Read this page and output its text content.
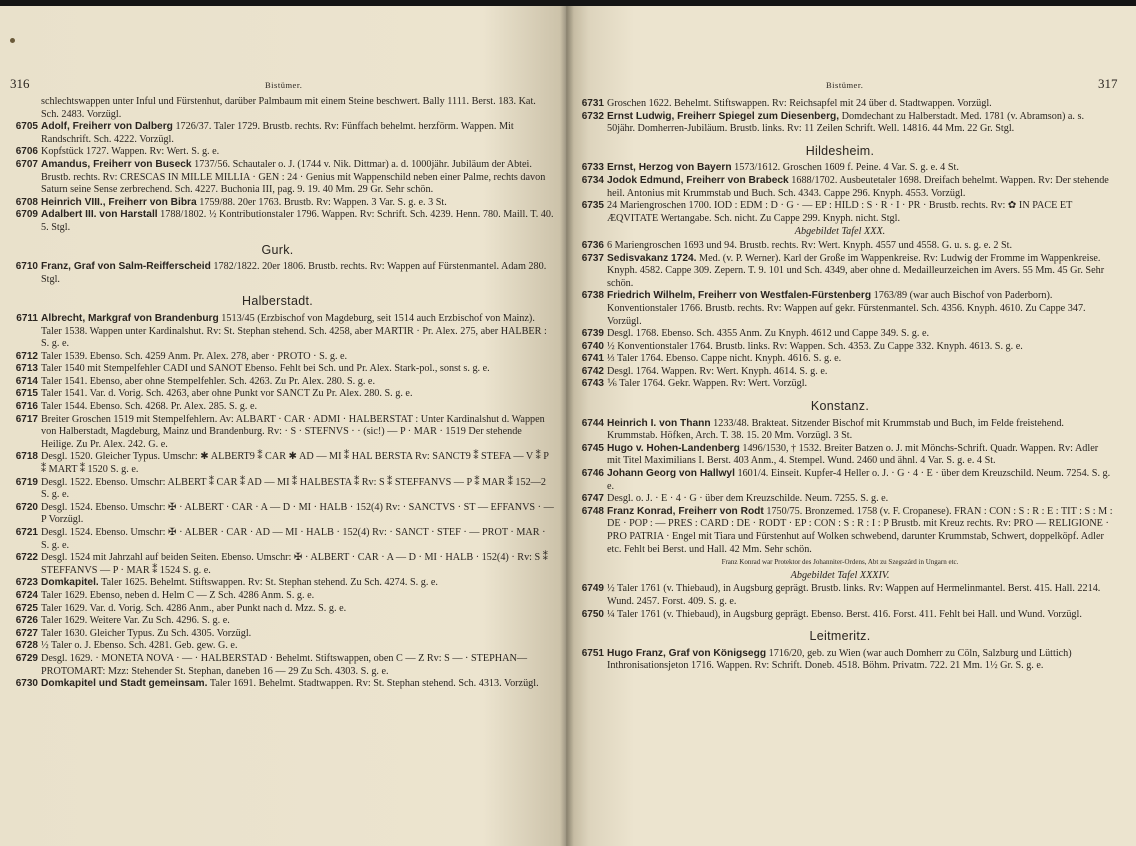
316	Bistümer.
schlechtswappen unter Inful und Fürstenhut, darüber Palmbaum mit einem Steine beschwert. Bally 1111. Berst. 183. Kat. Sch. 2483. Vorzügl.
6705 Adolf, Freiherr von Dalberg 1726/37. Taler 1729. Brustb. rechts. Rv: Fünffach behelmt. herzförm. Wappen. Mit Randschrift. Sch. 4222. Vorzügl.
6706 Kopfstück 1727. Wappen. Rv: Wert. S. g. e.
6707 Amandus, Freiherr von Buseck 1737/56. Schautaler o. J. (1744 v. Nik. Dittmar) a. d. 1000jähr. Jubiläum der Abtei. Brustb. rechts. Rv: CRESCAS IN MILLE MILLIA · GEN : 24 · Genius mit Wappenschild neben einer Palme, rechts davon Saturn seine Sense zerbrechend. Sch. 4227. Buchonia III, pag. 9. 19. 40 Mm. 29 Gr. Sehr schön.
6708 Heinrich VIII., Freiherr von Bibra 1759/88. 20er 1763. Brustb. Rv: Wappen. 3 Var. S. g. e. 3 St.
6709 Adalbert III. von Harstall 1788/1802. ½ Kontributionstaler 1796. Wappen. Rv: Schrift. Sch. 4239. Henn. 780. Maill. T. 40. 5. Stgl.
Gurk.
6710 Franz, Graf von Salm-Reifferscheid 1782/1822. 20er 1806. Brustb. rechts. Rv: Wappen auf Fürstenmantel. Adam 280. Stgl.
Halberstadt.
6711 Albrecht, Markgraf von Brandenburg 1513/45 (Erzbischof von Magdeburg, seit 1514 auch Erzbischof von Mainz). Taler 1538. Wappen unter Kardinalshut. Rv: St. Stephan stehend. Sch. 4258, aber MARTIR · Pr. Alex. 275, aber HALBER : S. g. e.
6712 Taler 1539. Ebenso. Sch. 4259 Anm. Pr. Alex. 278, aber · PROTO · S. g. e.
6713 Taler 1540 mit Stempelfehler CADI und SANOT Ebenso. Fehlt bei Sch. und Pr. Alex. Stark-pol., sonst s. g. e.
6714 Taler 1541. Ebenso, aber ohne Stempelfehler. Sch. 4263. Zu Pr. Alex. 280. S. g. e.
6715 Taler 1541. Var. d. Vorig. Sch. 4263, aber ohne Punkt vor SANCT Zu Pr. Alex. 280. S. g. e.
6716 Taler 1544. Ebenso. Sch. 4268. Pr. Alex. 285. S. g. e.
6717 Breiter Groschen 1519 mit Stempelfehlern. Av: ALBART · CAR · ADMI · HALBERSTAT : Unter Kardinalshut d. Wappen von Halberstadt, Magdeburg, Mainz und Brandenburg. Rv: · S · STEFNVS · · (sic!) — P · MAR · 1519 Der stehende Heilige. Zu Pr. Alex. 242. G. e.
6718 Desgl. 1520. Gleicher Typus. Umschr: ✱ ALBERT9 ⁑ CAR ✱ AD — MI ⁑ HAL BERSTA Rv: SANCT9 ⁑ STEFA — V ⁑ P ⁑ MART ⁑ 1520 S. g. e.
6719 Desgl. 1522. Ebenso. Umschr: ALBERT ⁑ CAR ⁑ AD — MI ⁑ HALBESTA ⁑ Rv: S ⁑ STEFFANVS — P ⁑ MAR ⁑ 152—2 S. g. e.
6720 Desgl. 1524. Ebenso. Umschr: ✠ · ALBERT · CAR · A — D · MI · HALB · 152(4) Rv: · SANCTVS · ST — EFFANVS · — P Vorzügl.
6721 Desgl. 1524. Ebenso. Umschr: ✠ · ALBER · CAR · AD — MI · HALB · 152(4) Rv: · SANCT · STEF · — PROT · MAR · S. g. e.
6722 Desgl. 1524 mit Jahrzahl auf beiden Seiten. Ebenso. Umschr: ✠ · ALBERT · CAR · A — D · MI · HALB · 152(4) · Rv: S ⁑ STEFFANVS — P · MAR ⁑ 1524 S. g. e.
6723 Domkapitel. Taler 1625. Behelmt. Stiftswappen. Rv: St. Stephan stehend. Zu Sch. 4274. S. g. e.
6724 Taler 1629. Ebenso, neben d. Helm C — Z Sch. 4286 Anm. S. g. e.
6725 Taler 1629. Var. d. Vorig. Sch. 4286 Anm., aber Punkt nach d. Mzz. S. g. e.
6726 Taler 1629. Weitere Var. Zu Sch. 4296. S. g. e.
6727 Taler 1630. Gleicher Typus. Zu Sch. 4305. Vorzügl.
6728 ½ Taler o. J. Ebenso. Sch. 4281. Geb. gew. G. e.
6729 Desgl. 1629. · MONETA NOVA · — · HALBERSTAD · Behelmt. Stiftswappen, oben C — Z Rv: S — · STEPHAN— PROTOMART: Mzz: Stehender St. Stephan, daneben 16 — 29 Zu Sch. 4303. S. g. e.
6730 Domkapitel und Stadt gemeinsam. Taler 1691. Behelmt. Stadtwappen. Rv: St. Stephan stehend. Sch. 4313. Vorzügl.
Bistümer.	317
6731 Groschen 1622. Behelmt. Stiftswappen. Rv: Reichsapfel mit 24 über d. Stadtwappen. Vorzügl.
6732 Ernst Ludwig, Freiherr Spiegel zum Diesenberg, Domdechant zu Halberstadt. Med. 1781 (v. Abramson) a. s. 50jähr. Domherren-Jubiläum. Brustb. links. Rv: 11 Zeilen Schrift. Well. 14816. 44 Mm. 22 Gr. Stgl.
Hildesheim.
6733 Ernst, Herzog von Bayern 1573/1612. Groschen 1609 f. Peine. 4 Var. S. g. e. 4 St.
6734 Jodok Edmund, Freiherr von Brabeck 1688/1702. Ausbeutetaler 1698. Dreifach behelmt. Wappen. Rv: Der stehende heil. Antonius mit Krummstab und Buch. Sch. 4343. Cappe 296. Knyph. 4553. Vorzügl.
6735 24 Mariengroschen 1700. IOD : EDM : D · G · — EP : HILD : S · R · I · PR · Brustb. rechts. Rv: ✿ IN PACE ET ÆQVITATE Wertangabe. Sch. nicht. Zu Cappe 299. Knyph. nicht. Stgl.
Abgebildet Tafel XXX.
6736 6 Mariengroschen 1693 und 94. Brustb. rechts. Rv: Wert. Knyph. 4557 und 4558. G. u. s. g. e. 2 St.
6737 Sedisvakanz 1724. Med. (v. P. Werner). Karl der Große im Wappenkreise. Rv: Ludwig der Fromme im Wappenkreise. Knyph. 4582. Cappe 309. Zepern. T. 9. 101 und Sch. 4349, aber ohne d. Medailleurzeichen im Avers. 55 Mm. 45 Gr. Sehr schön.
6738 Friedrich Wilhelm, Freiherr von Westfalen-Fürstenberg 1763/89 (war auch Bischof von Paderborn). Konventionstaler 1766. Brustb. rechts. Rv: Wappen auf gekr. Fürstenmantel. Sch. 4356. Knyph. 4610. Zu Cappe 347. Vorzügl.
6739 Desgl. 1768. Ebenso. Sch. 4355 Anm. Zu Knyph. 4612 und Cappe 349. S. g. e.
6740 ½ Konventionstaler 1764. Brustb. links. Rv: Wappen. Sch. 4353. Zu Cappe 332. Knyph. 4613. S. g. e.
6741 ⅓ Taler 1764. Ebenso. Cappe nicht. Knyph. 4616. S. g. e.
6742 Desgl. 1764. Wappen. Rv: Wert. Knyph. 4614. S. g. e.
6743 ⅙ Taler 1764. Gekr. Wappen. Rv: Wert. Vorzügl.
Konstanz.
6744 Heinrich I. von Thann 1233/48. Brakteat. Sitzender Bischof mit Krummstab und Buch, im Felde freistehend. Krummstab. Höfken, Arch. T. 38. 15. 20 Mm. Vorzügl. 3 St.
6745 Hugo v. Hohen-Landenberg 1496/1530, † 1532. Breiter Batzen o. J. mit Mönchs-Schrift. Quadr. Wappen. Rv: Adler mit Titel Maximilians I. Berst. 403 Anm., 4. Stempel. Wund. 2460 und ähnl. 4 Var. S. g. e. 4 St.
6746 Johann Georg von Hallwyl 1601/4. Einseit. Kupfer-4 Heller o. J. · G · 4 · E · über dem Kreuzschild. Neum. 7254. S. g. e.
6747 Desgl. o. J. · E · 4 · G · über dem Kreuzschilde. Neum. 7255. S. g. e.
6748 Franz Konrad, Freiherr von Rodt 1750/75. Bronzemed. 1758 (v. F. Cropanese). FRAN : CON : S : R : E : TIT : S : M : DE · POP : — PRES : CARD : DE · RODT · EP : CON : S : R : I : P Brustb. mit Kreuz rechts. Rv: PRO — RELIGIONE · PRO PATRIA · Engel mit Tiara und Fürstenhut auf Wolken schwebend, darunter Krummstab, Schwert, doppelköpf. Adler etc. Fehlt bei Berst. und Hall. 42 Mm. Sehr schön.
Franz Konrad war Protektor des Johanniter-Ordens, Abt zu Szegszárd in Ungarn etc.
Abgebildet Tafel XXXIV.
6749 ½ Taler 1761 (v. Thiebaud), in Augsburg geprägt. Brustb. links. Rv: Wappen auf Hermelinmantel. Berst. 415. Hall. 2214. Wund. 2457. Forst. 409. S. g. e.
6750 ¼ Taler 1761 (v. Thiebaud), in Augsburg geprägt. Ebenso. Berst. 416. Forst. 411. Fehlt bei Hall. und Wund. Vorzügl.
Leitmeritz.
6751 Hugo Franz, Graf von Königsegg 1716/20, geb. zu Wien (war auch Domherr zu Cöln, Salzburg und Lüttich) Inthronisationsjeton 1716. Wappen. Rv: Schrift. Doneb. 4518. Böhm. Privatm. 722. 21 Mm. 1½ Gr. S. g. e.
